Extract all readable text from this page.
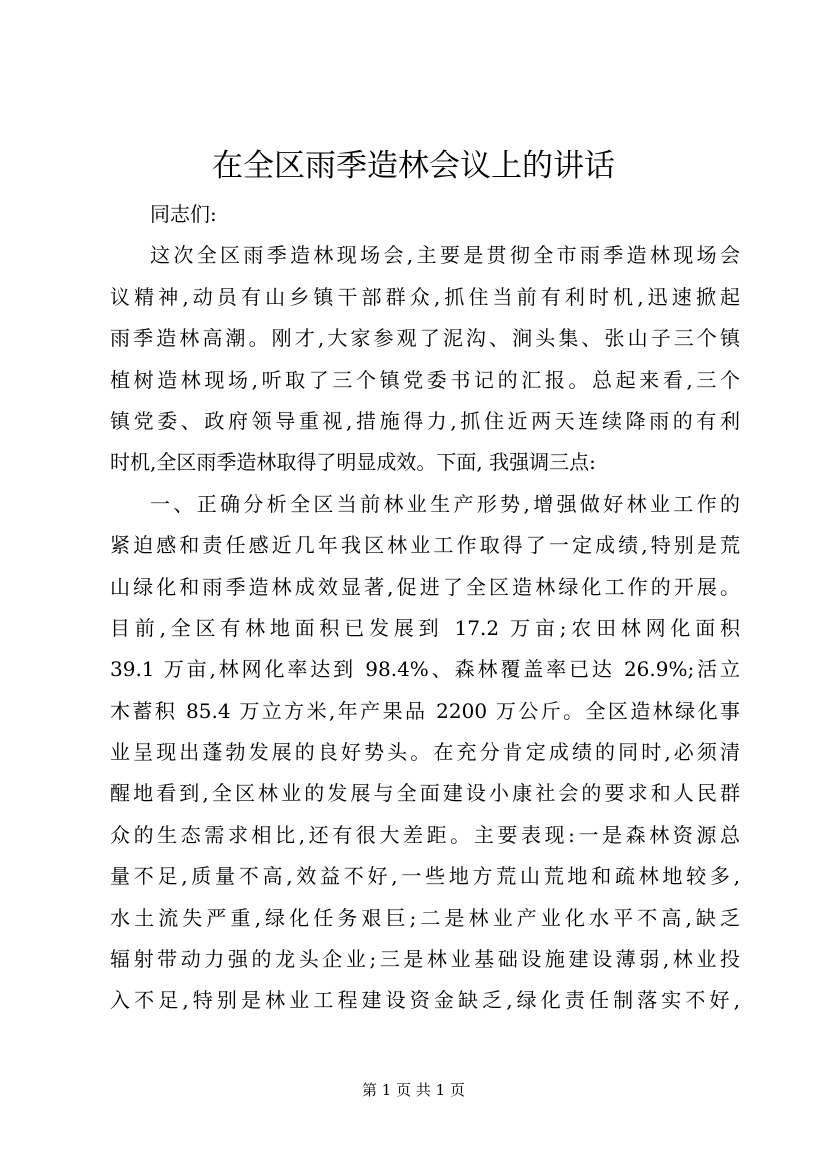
在全区雨季造林会议上的讲话
同志们:
这次全区雨季造林现场会,主要是贯彻全市雨季造林现场会
议精神,动员有山乡镇干部群众,抓住当前有利时机,迅速掀起
雨季造林高潮。刚才,大家参观了泥沟、涧头集、张山子三个镇
植树造林现场,听取了三个镇党委书记的汇报。总起来看,三个
镇党委、政府领导重视,措施得力,抓住近两天连续降雨的有利
时机,全区雨季造林取得了明显成效。下面, 我强调三点:
一、正确分析全区当前林业生产形势,增强做好林业工作的
紧迫感和责任感近几年我区林业工作取得了一定成绩,特别是荒
山绿化和雨季造林成效显著,促进了全区造林绿化工作的开展。
目前,全区有林地面积已发展到 17.2 万亩;农田林网化面积
39.1 万亩,林网化率达到 98.4%、森林覆盖率已达 26.9%;活立
木蓄积 85.4 万立方米,年产果品 2200 万公斤。全区造林绿化事
业呈现出蓬勃发展的良好势头。在充分肯定成绩的同时,必须清
醒地看到,全区林业的发展与全面建设小康社会的要求和人民群
众的生态需求相比,还有很大差距。主要表现:一是森林资源总
量不足,质量不高,效益不好,一些地方荒山荒地和疏林地较多,
水土流失严重,绿化任务艰巨;二是林业产业化水平不高,缺乏
辐射带动力强的龙头企业;三是林业基础设施建设薄弱,林业投
入不足,特别是林业工程建设资金缺乏,绿化责任制落实不好,
第 1 页 共 1 页
